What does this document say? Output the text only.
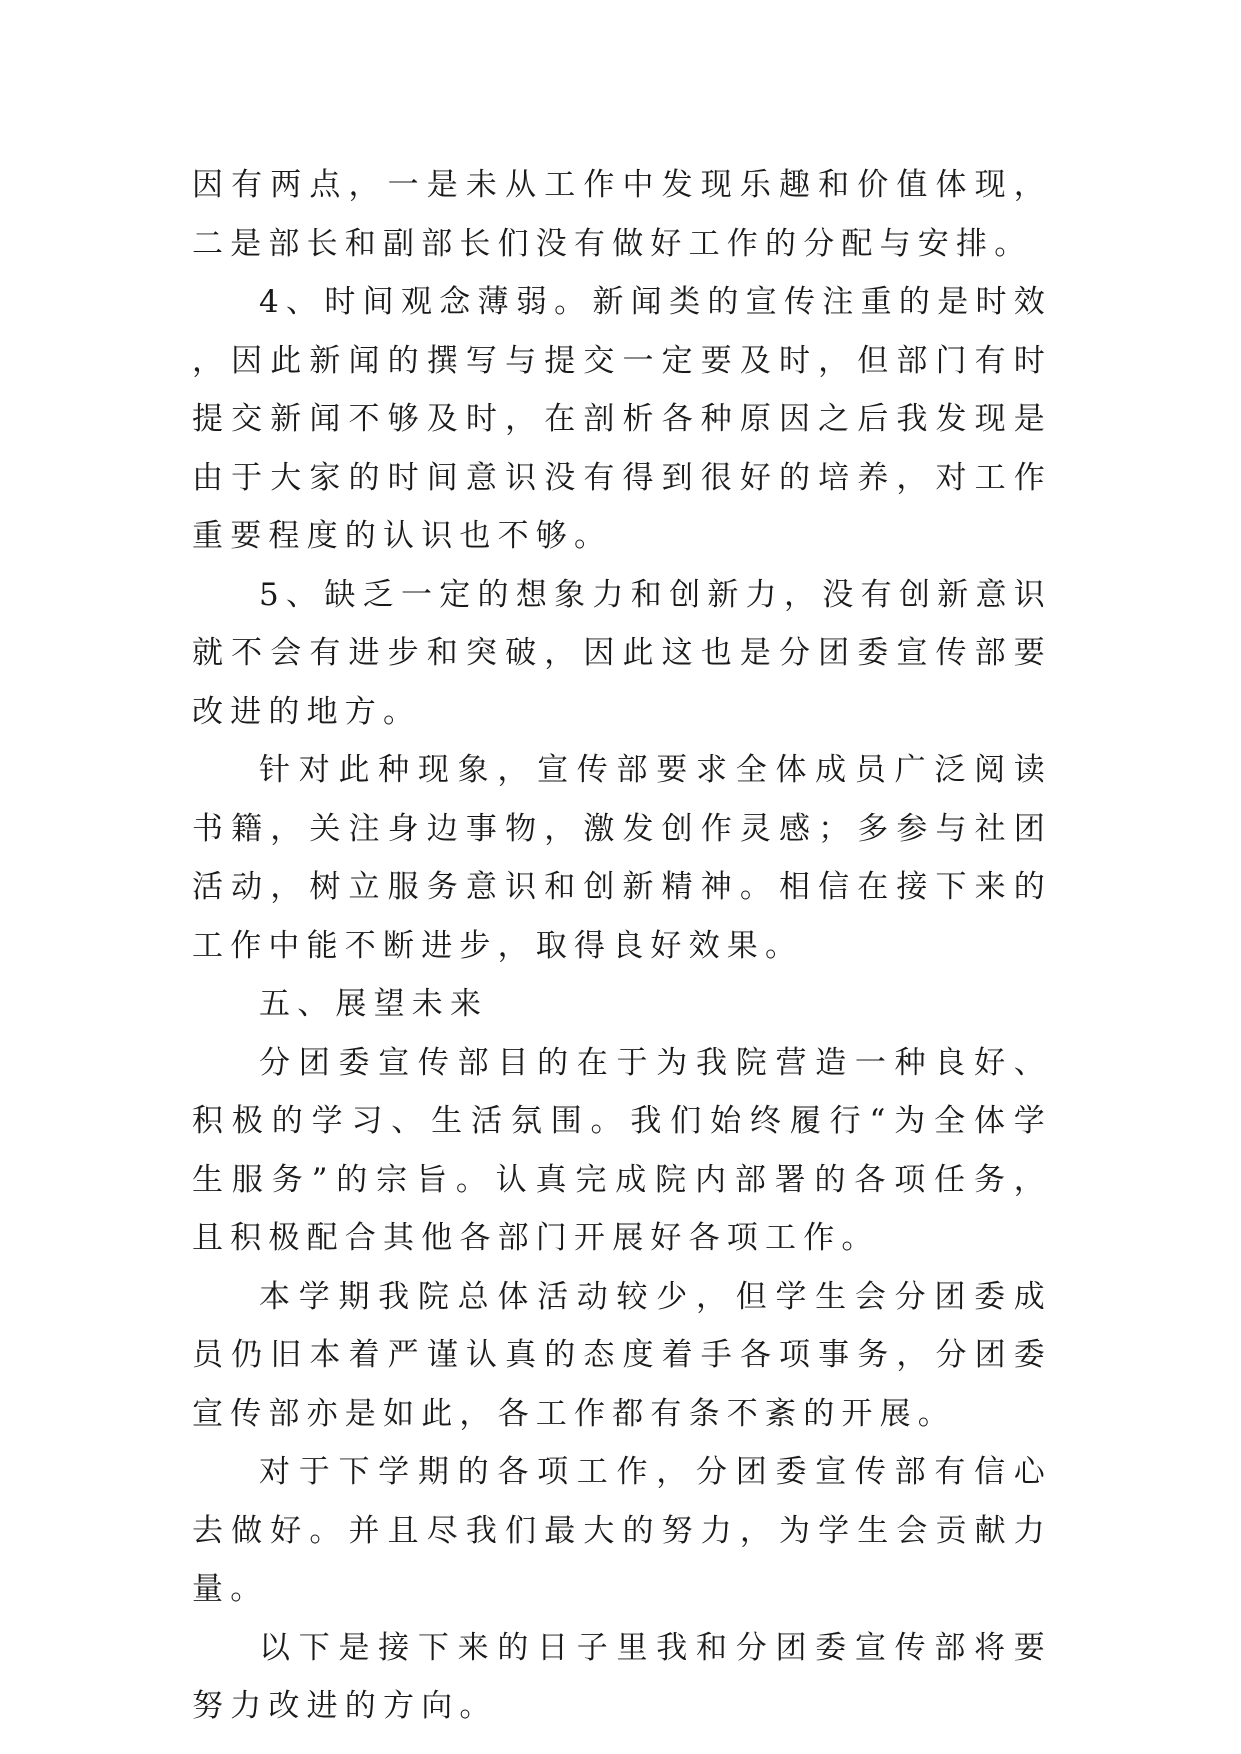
因有两点，一是未从工作中发现乐趣和价值体现，二是部长和副部长们没有做好工作的分配与安排。

4、时间观念薄弱。新闻类的宣传注重的是时效，因此新闻的撰写与提交一定要及时，但部门有时提交新闻不够及时，在剖析各种原因之后我发现是由于大家的时间意识没有得到很好的培养，对工作重要程度的认识也不够。

5、缺乏一定的想象力和创新力，没有创新意识就不会有进步和突破，因此这也是分团委宣传部要改进的地方。

针对此种现象，宣传部要求全体成员广泛阅读书籍，关注身边事物，激发创作灵感；多参与社团活动，树立服务意识和创新精神。相信在接下来的工作中能不断进步，取得良好效果。

五、展望未来

分团委宣传部目的在于为我院营造一种良好、积极的学习、生活氛围。我们始终履行“为全体学生服务”的宗旨。认真完成院内部署的各项任务，且积极配合其他各部门开展好各项工作。

本学期我院总体活动较少，但学生会分团委成员仍旧本着严谨认真的态度着手各项事务，分团委宣传部亦是如此，各工作都有条不紊的开展。

对于下学期的各项工作，分团委宣传部有信心去做好。并且尽我们最大的努力，为学生会贡献力量。

以下是接下来的日子里我和分团委宣传部将要努力改进的方向。
